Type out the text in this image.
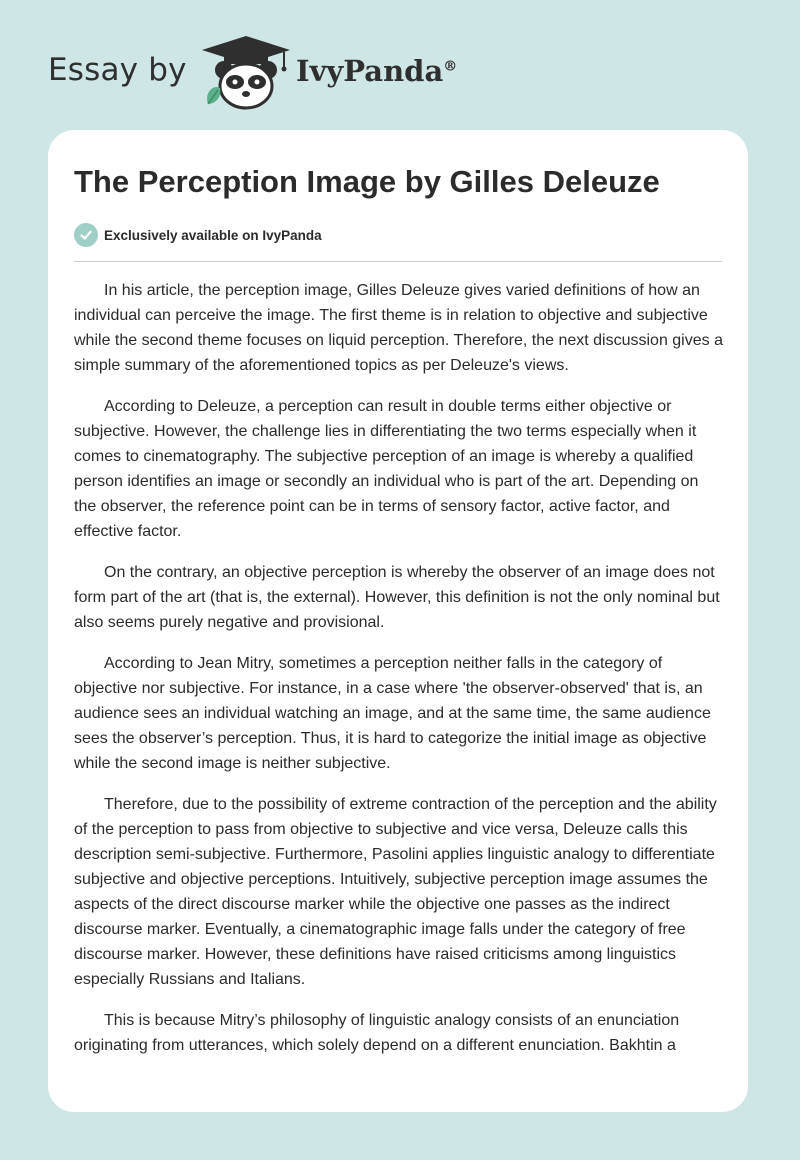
Essay by	IvyPanda®
The Perception Image by Gilles Deleuze
Exclusively available on IvyPanda

In his article, the perception image, Gilles Deleuze gives varied definitions of how an individual can perceive the image. The first theme is in relation to objective and subjective while the second theme focuses on liquid perception. Therefore, the next discussion gives a simple summary of the aforementioned topics as per Deleuze's views.

According to Deleuze, a perception can result in double terms either objective or subjective. However, the challenge lies in differentiating the two terms especially when it comes to cinematography. The subjective perception of an image is whereby a qualified person identifies an image or secondly an individual who is part of the art. Depending on the observer, the reference point can be in terms of sensory factor, active factor, and effective factor.

On the contrary, an objective perception is whereby the observer of an image does not form part of the art (that is, the external). However, this definition is not the only nominal but also seems purely negative and provisional.

According to Jean Mitry, sometimes a perception neither falls in the category of objective nor subjective. For instance, in a case where 'the observer-observed' that is, an audience sees an individual watching an image, and at the same time, the same audience sees the observer’s perception. Thus, it is hard to categorize the initial image as objective while the second image is neither subjective.

Therefore, due to the possibility of extreme contraction of the perception and the ability of the perception to pass from objective to subjective and vice versa, Deleuze calls this description semi-subjective. Furthermore, Pasolini applies linguistic analogy to differentiate subjective and objective perceptions. Intuitively, subjective perception image assumes the aspects of the direct discourse marker while the objective one passes as the indirect discourse marker. Eventually, a cinematographic image falls under the category of free discourse marker. However, these definitions have raised criticisms among linguistics especially Russians and Italians.

This is because Mitry’s philosophy of linguistic analogy consists of an enunciation originating from utterances, which solely depend on a different enunciation. Bakhtin a
